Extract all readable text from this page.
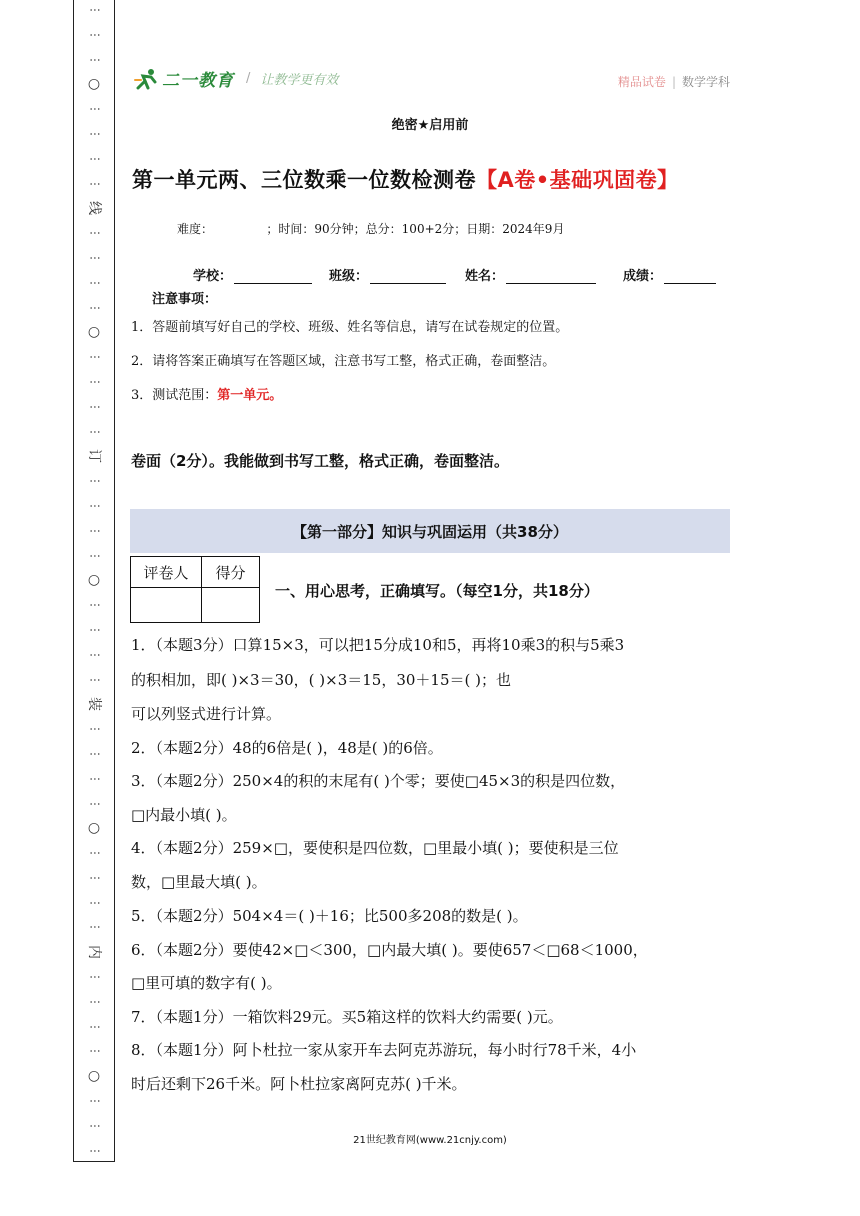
⋮
⋮
⋮
○
⋮
⋮
⋮
⋮
线
⋮
⋮
⋮
⋮
○
⋮
⋮
⋮
⋮
订
⋮
⋮
⋮
⋮
○
⋮
⋮
⋮
⋮
装
⋮
⋮
⋮
⋮
○
⋮
⋮
⋮
⋮
内
⋮
⋮
⋮
⋮
○
⋮
⋮
⋮
二一教育 / 让教学更有效	精品试卷 | 数学学科
绝密★启用前
第一单元两、三位数乘一位数检测卷【A卷•基础巩固卷】
难度：              ；时间：90分钟；总分：100+2分；日期：2024年9月
学校：	班级：	姓名：	成绩：
注意事项：
1．答题前填写好自己的学校、班级、姓名等信息，请写在试卷规定的位置。
2．请将答案正确填写在答题区域，注意书写工整，格式正确，卷面整洁。
3．测试范围：第一单元。
卷面（2分）。我能做到书写工整，格式正确，卷面整洁。
【第一部分】知识与巩固运用（共38分）
评卷人	得分

一、用心思考，正确填写。（每空1分，共18分）
1．（本题3分）口算15×3，可以把15分成10和5，再将10乘3的积与5乘3
的积相加，即( )×3＝30，( )×3＝15，30＋15＝( )；也
可以列竖式进行计算。
2．（本题2分）48的6倍是( )，48是( )的6倍。
3．（本题2分）250×4的积的末尾有( )个零；要使□45×3的积是四位数，
□内最小填( )。
4．（本题2分）259×□，要使积是四位数，□里最小填( )；要使积是三位
数，□里最大填( )。
5．（本题2分）504×4＝( )＋16；比500多208的数是( )。
6．（本题2分）要使42×□＜300，□内最大填( )。要使657＜□68＜1000，
□里可填的数字有( )。
7．（本题1分）一箱饮料29元。买5箱这样的饮料大约需要( )元。
8．（本题1分）阿卜杜拉一家从家开车去阿克苏游玩，每小时行78千米，4小
时后还剩下26千米。阿卜杜拉家离阿克苏( )千米。
21世纪教育网(www.21cnjy.com)
